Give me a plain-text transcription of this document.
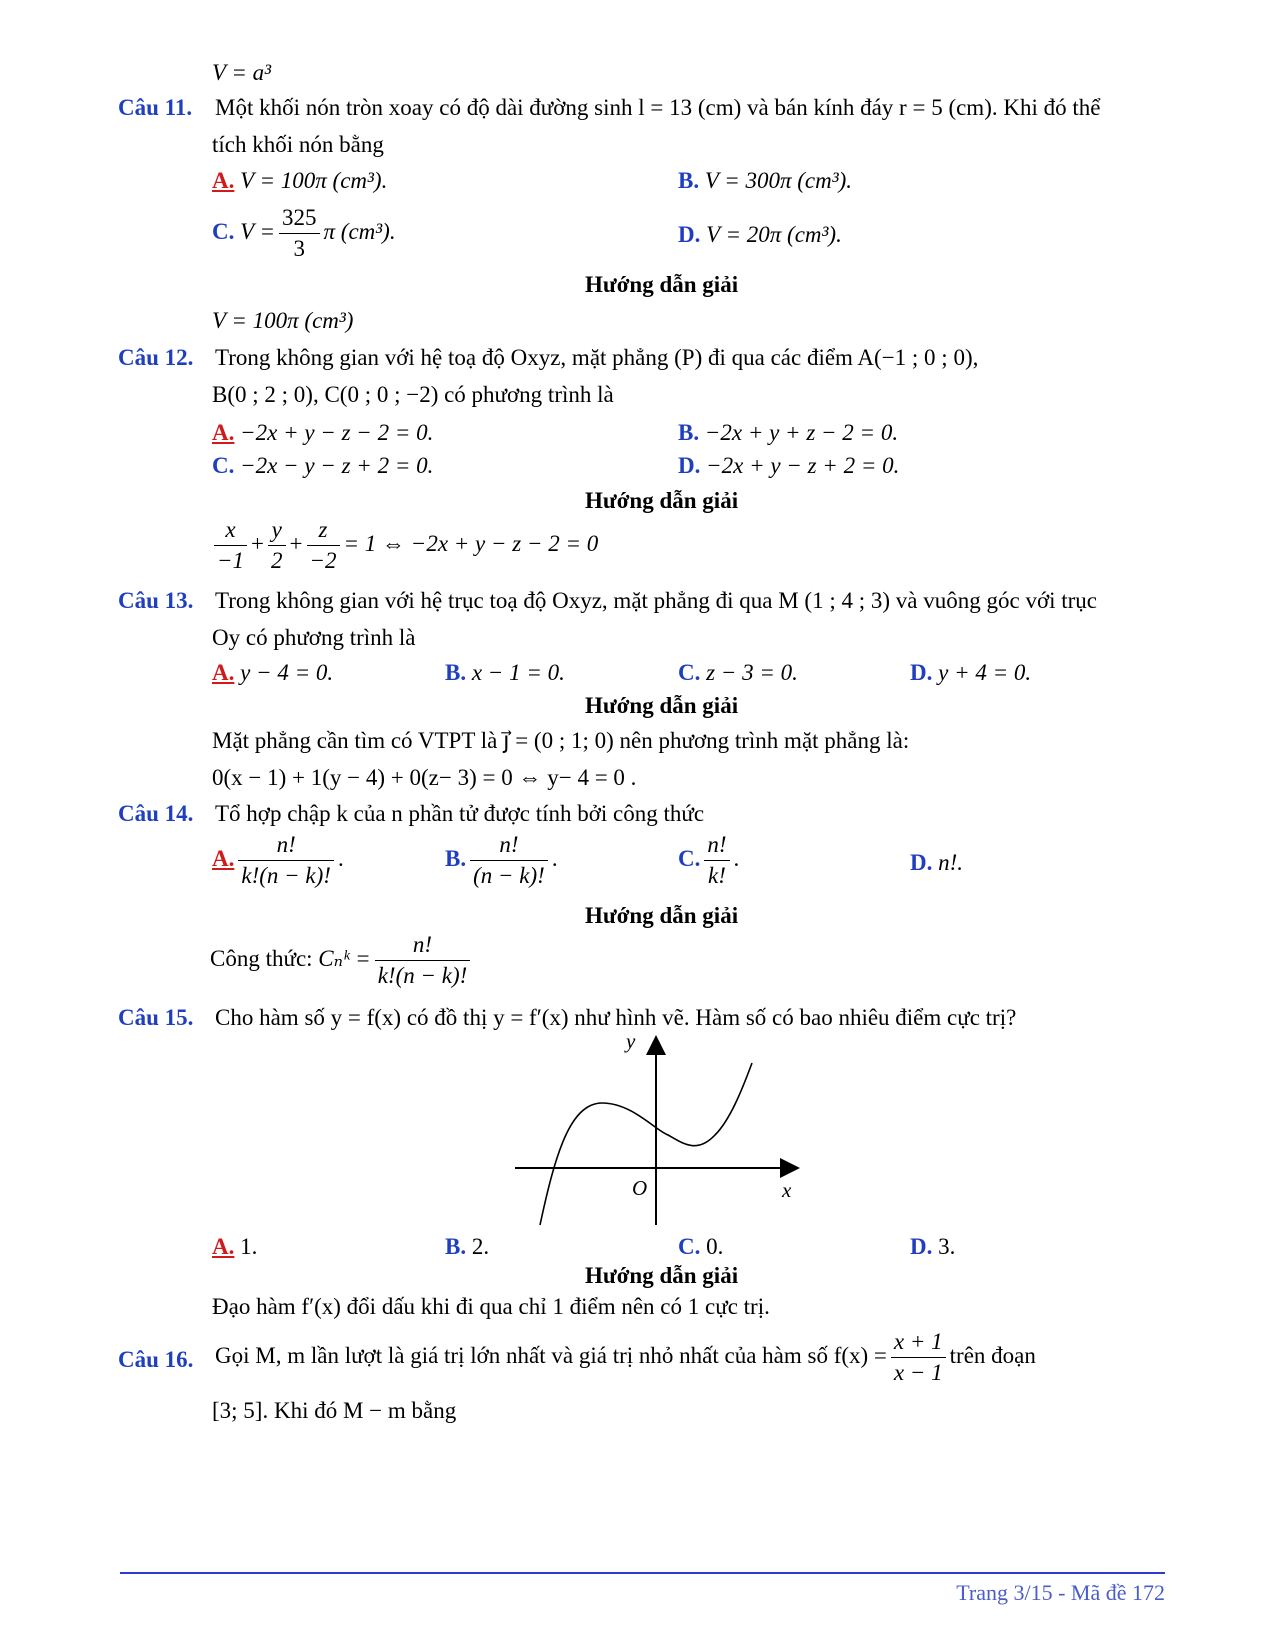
V = a³
Câu 11. Một khối nón tròn xoay có độ dài đường sinh l = 13 (cm) và bán kính đáy r = 5 (cm). Khi đó thể
tích khối nón bằng
A. V = 100π (cm³).	B. V = 300π (cm³).
C. $V = \frac{325}{3}$ π (cm³).	D. V = 20π (cm³).
Hướng dẫn giải
V = 100π (cm³)
Câu 12. Trong không gian với hệ toạ độ Oxyz, mặt phẳng (P) đi qua các điểm A(−1 ; 0 ; 0),
B(0 ; 2 ; 0), C(0 ; 0 ; −2) có phương trình là
A. −2x + y − z − 2 = 0.	B. −2x + y + z − 2 = 0.
C. −2x − y − z + 2 = 0.	D. −2x + y − z + 2 = 0.
Hướng dẫn giải
$\frac{x}{-1} + \frac{y}{2} + \frac{z}{-2} = 1$ ⇔ −2x + y − z − 2 = 0
Câu 13. Trong không gian với hệ trục toạ độ Oxyz, mặt phẳng đi qua M (1 ; 4 ; 3) và vuông góc với trục
Oy có phương trình là
A. y − 4 = 0.	B. x − 1 = 0.	C. z − 3 = 0.	D. y + 4 = 0.
Hướng dẫn giải
Mặt phẳng cần tìm có VTPT là j⃗ = (0 ; 1; 0) nên phương trình mặt phẳng là:
0(x − 1) + 1(y − 4) + 0(z− 3) = 0 ⇔ y− 4 = 0 .
Câu 14. Tổ hợp chập k của n phần tử được tính bởi công thức
A. $\frac{n!}{k!(n - k)!}$ .	B. $\frac{n!}{(n - k)!}$ .	C. $\frac{n!}{k!}$ .	D. n!.
Hướng dẫn giải
Công thức: Cₙᵏ = $\frac{n!}{k!(n - k)!}$
Câu 15. Cho hàm số y = f(x) có đồ thị y = f′(x) như hình vẽ. Hàm số có bao nhiêu điểm cực trị?
y
x
O
A. 1.	B. 2.	C. 0.	D. 3.
Hướng dẫn giải
Đạo hàm f′(x) đổi dấu khi đi qua chỉ 1 điểm nên có 1 cực trị.
Câu 16. Gọi M, m lần lượt là giá trị lớn nhất và giá trị nhỏ nhất của hàm số $f(x) = \frac{x + 1}{x - 1}$ trên đoạn
[3; 5]. Khi đó M − m bằng
Trang 3/15 - Mã đề 172
